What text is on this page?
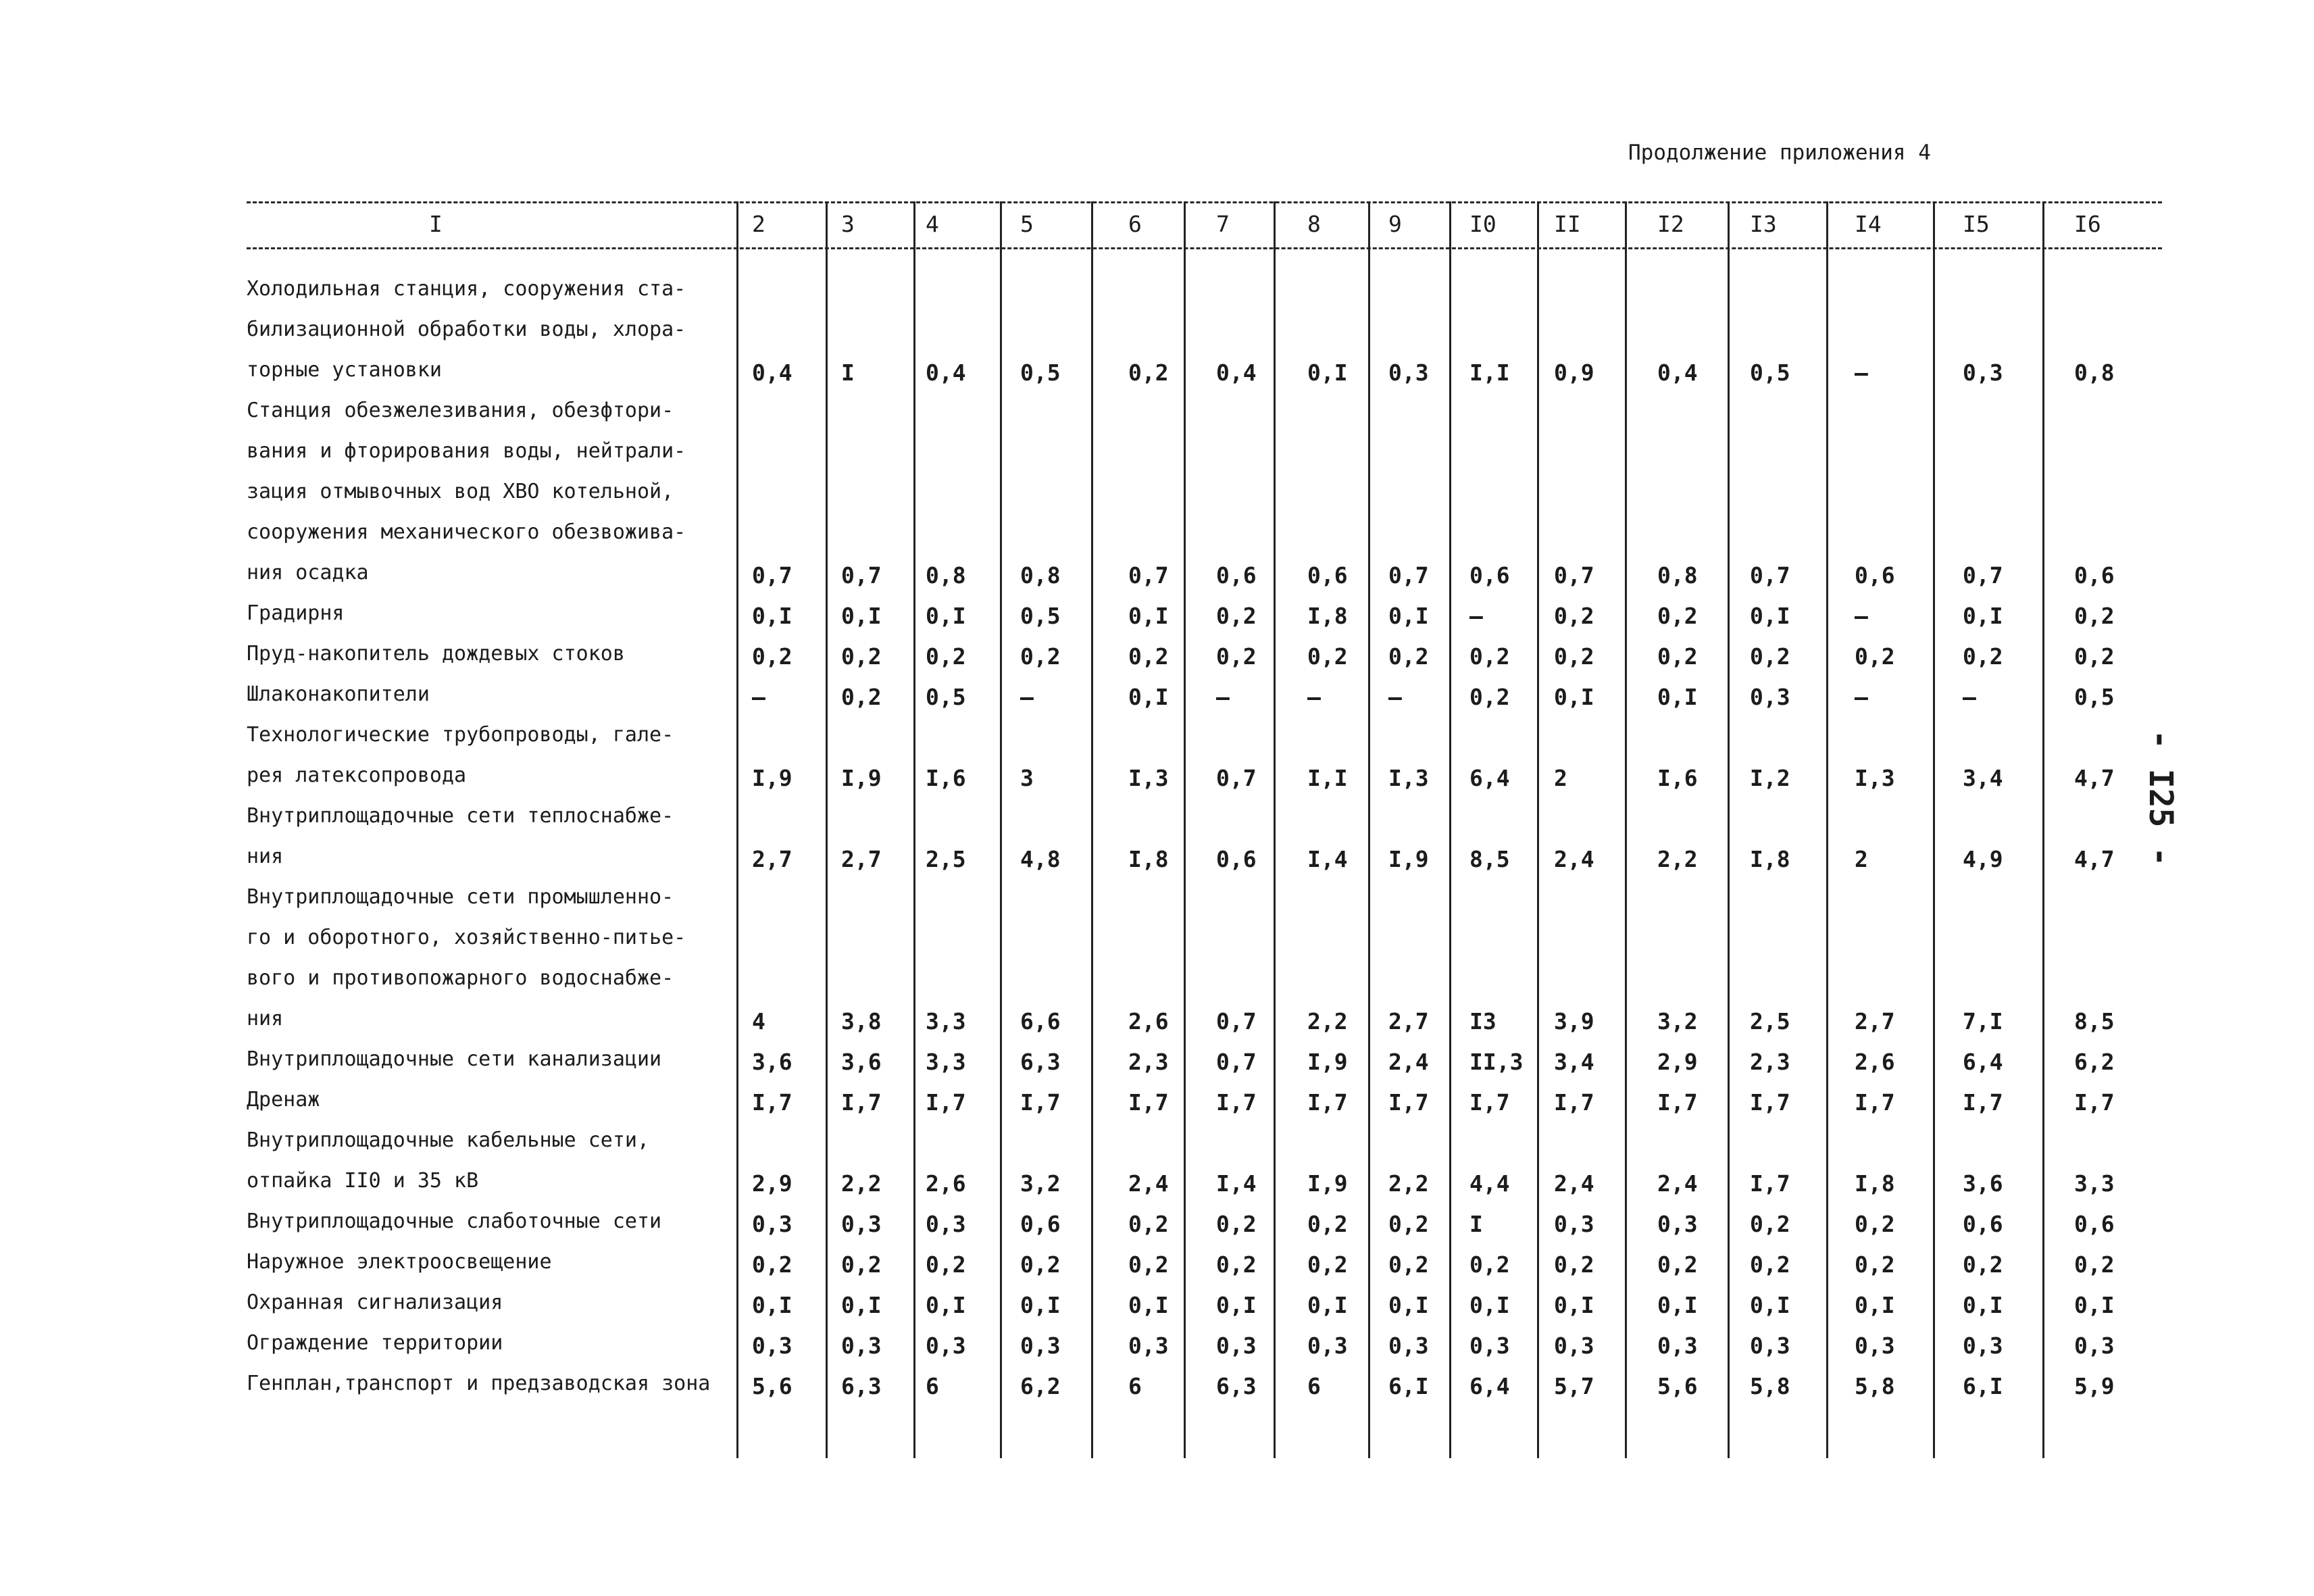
Продолжение приложения 4
- I25 -
I	2	3	4	5	6	7	8	9	I0	II	I2	I3	I4	I5	I6
Холодильная станция, сооружения ста-
билизационной обработки воды, хлора-
торные установки	0,4 I	0,4 0,5	0,2 0,4 0,I 0,3 I,I 0,9	0,4 0,5	–	0,3	0,8
Станция обезжелезивания, обезфтори-
вания и фторирования воды, нейтрали-
зация отмывочных вод ХВО котельной,
сооружения механического обезвожива-
ния осадка	0,7 0,7 0,8 0,8	0,7 0,6 0,6 0,7 0,6 0,7	0,8 0,7	0,6	0,7	0,6
Градирня	0,I 0,I 0,I 0,5	0,I 0,2 I,8 0,I –	0,2	0,2 0,I	–	0,I	0,2
Пруд-накопитель дождевых стоков	0,2 0,2 0,2 0,2	0,2 0,2 0,2 0,2 0,2 0,2	0,2 0,2	0,2	0,2	0,2
Шлаконакопители	–	0,2 0,5 –	0,I –	–	–	0,2 0,I	0,I 0,3	–	–	0,5
Технологические трубопроводы, гале-
рея латексопровода	I,9 I,9 I,6 3	I,3 0,7 I,I I,3 6,4 2	I,6 I,2	I,3	3,4	4,7
Внутриплощадочные сети теплоснабже-
ния	2,7 2,7 2,5 4,8	I,8 0,6 I,4 I,9 8,5 2,4	2,2 I,8	2	4,9	4,7
Внутриплощадочные сети промышленно-
го и оборотного, хозяйственно-питье-
вого и противопожарного водоснабже-
ния	4	3,8 3,3 6,6	2,6 0,7 2,2 2,7 I3	3,9	3,2 2,5	2,7	7,I	8,5
Внутриплощадочные сети канализации	3,6 3,6 3,3 6,3	2,3 0,7 I,9 2,4 II,3 3,4	2,9 2,3	2,6	6,4	6,2
Дренаж	I,7 I,7 I,7 I,7	I,7 I,7 I,7 I,7 I,7 I,7	I,7 I,7	I,7	I,7	I,7
Внутриплощадочные кабельные сети,
отпайка II0 и 35 кВ	2,9 2,2 2,6 3,2	2,4 I,4 I,9 2,2 4,4 2,4	2,4 I,7	I,8	3,6	3,3
Внутриплощадочные слаботочные сети	0,3 0,3 0,3 0,6	0,2 0,2 0,2 0,2 I	0,3	0,3 0,2	0,2	0,6	0,6
Наружное электроосвещение	0,2 0,2 0,2 0,2	0,2 0,2 0,2 0,2 0,2 0,2	0,2 0,2	0,2	0,2	0,2
Охранная сигнализация	0,I 0,I 0,I 0,I	0,I 0,I 0,I 0,I 0,I 0,I	0,I 0,I	0,I	0,I	0,I
Ограждение территории	0,3 0,3 0,3 0,3	0,3 0,3 0,3 0,3 0,3 0,3	0,3 0,3	0,3	0,3	0,3
Генплан,транспорт и предзаводская зона	5,6 6,3 6	6,2	6	6,3 6	6,I 6,4 5,7	5,6 5,8	5,8	6,I	5,9
